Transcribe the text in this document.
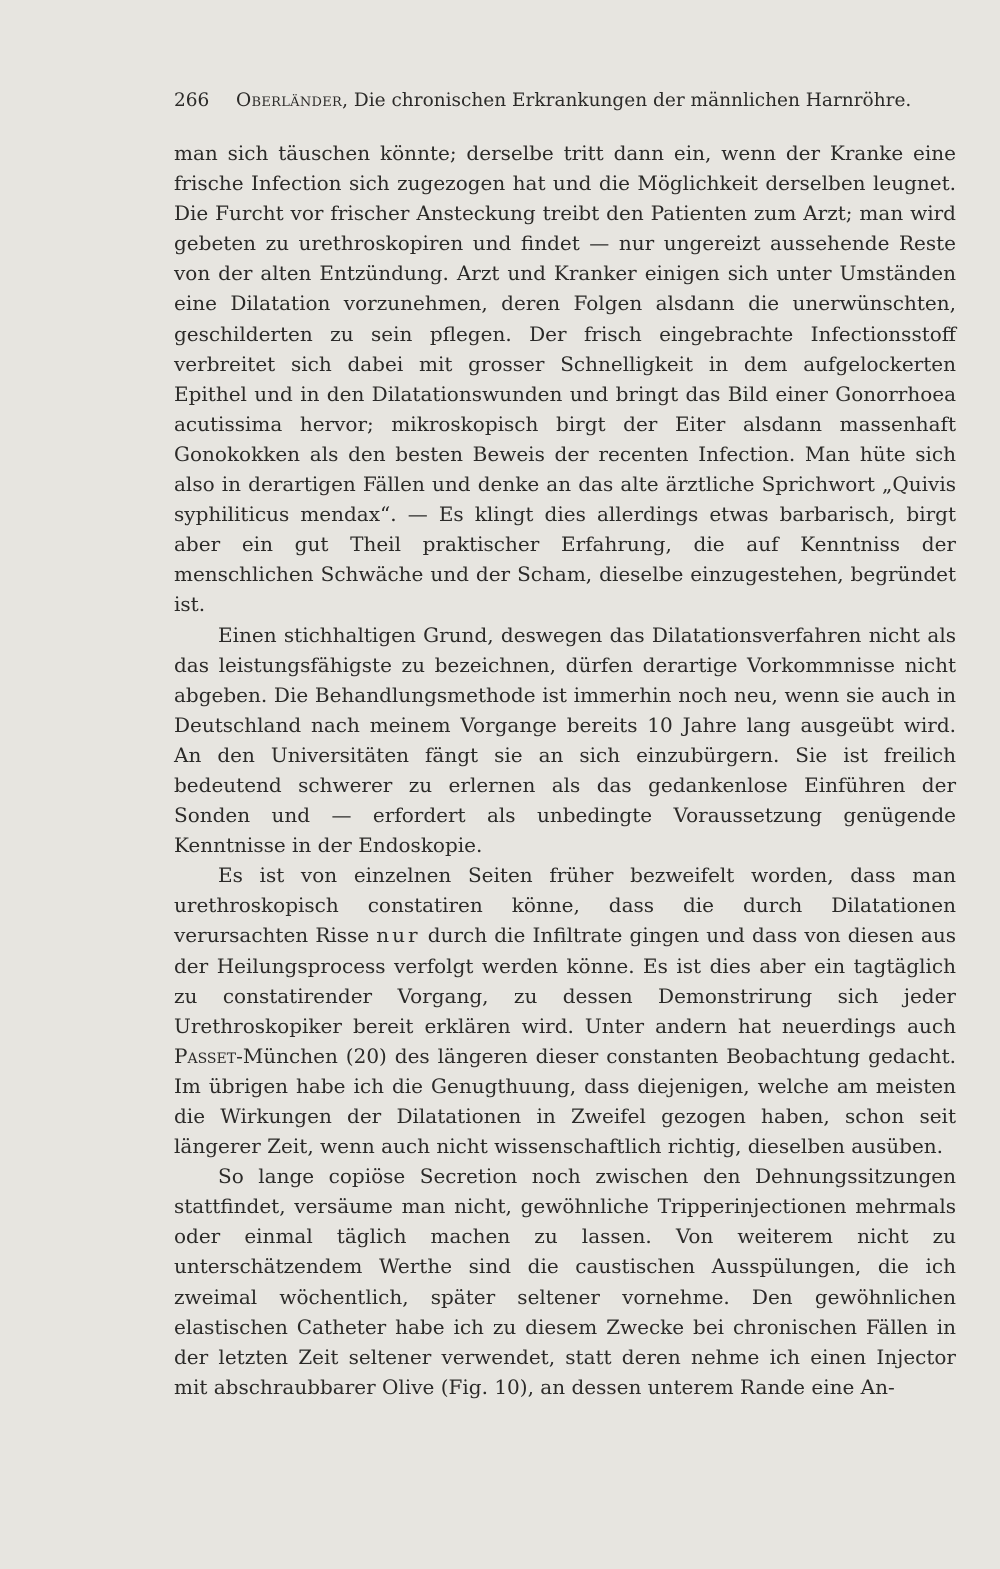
266 Oberländer, Die chronischen Erkrankungen der männlichen Harnröhre.

man sich täuschen könnte; derselbe tritt dann ein, wenn der Kranke eine frische Infection sich zugezogen hat und die Möglichkeit derselben leugnet. Die Furcht vor frischer Ansteckung treibt den Patienten zum Arzt; man wird gebeten zu urethroskopiren und findet — nur ungereizt aussehende Reste von der alten Entzündung. Arzt und Kranker einigen sich unter Umständen eine Dilatation vorzunehmen, deren Folgen alsdann die unerwünschten, geschilderten zu sein pflegen. Der frisch eingebrachte Infectionsstoff verbreitet sich dabei mit grosser Schnelligkeit in dem aufgelockerten Epithel und in den Dilatationswunden und bringt das Bild einer Gonorrhoea acutissima hervor; mikroskopisch birgt der Eiter alsdann massenhaft Gonokokken als den besten Beweis der recenten Infection. Man hüte sich also in derartigen Fällen und denke an das alte ärztliche Sprichwort „Quivis syphiliticus mendax“. — Es klingt dies allerdings etwas barbarisch, birgt aber ein gut Theil praktischer Erfahrung, die auf Kenntniss der menschlichen Schwäche und der Scham, dieselbe einzugestehen, begründet ist.

Einen stichhaltigen Grund, deswegen das Dilatationsverfahren nicht als das leistungsfähigste zu bezeichnen, dürfen derartige Vorkommnisse nicht abgeben. Die Behandlungsmethode ist immerhin noch neu, wenn sie auch in Deutschland nach meinem Vorgange bereits 10 Jahre lang ausgeübt wird. An den Universitäten fängt sie an sich einzubürgern. Sie ist freilich bedeutend schwerer zu erlernen als das gedankenlose Einführen der Sonden und — erfordert als unbedingte Voraussetzung genügende Kenntnisse in der Endoskopie.

Es ist von einzelnen Seiten früher bezweifelt worden, dass man urethroskopisch constatiren könne, dass die durch Dilatationen verursachten Risse nur durch die Infiltrate gingen und dass von diesen aus der Heilungsprocess verfolgt werden könne. Es ist dies aber ein tagtäglich zu constatirender Vorgang, zu dessen Demonstrirung sich jeder Urethroskopiker bereit erklären wird. Unter andern hat neuerdings auch Passet-München (20) des längeren dieser constanten Beobachtung gedacht. Im übrigen habe ich die Genugthuung, dass diejenigen, welche am meisten die Wirkungen der Dilatationen in Zweifel gezogen haben, schon seit längerer Zeit, wenn auch nicht wissenschaftlich richtig, dieselben ausüben.

So lange copiöse Secretion noch zwischen den Dehnungssitzungen stattfindet, versäume man nicht, gewöhnliche Tripperinjectionen mehrmals oder einmal täglich machen zu lassen. Von weiterem nicht zu unterschätzendem Werthe sind die caustischen Ausspülungen, die ich zweimal wöchentlich, später seltener vornehme. Den gewöhnlichen elastischen Catheter habe ich zu diesem Zwecke bei chronischen Fällen in der letzten Zeit seltener verwendet, statt deren nehme ich einen Injector mit abschraubbarer Olive (Fig. 10), an dessen unterem Rande eine An-
